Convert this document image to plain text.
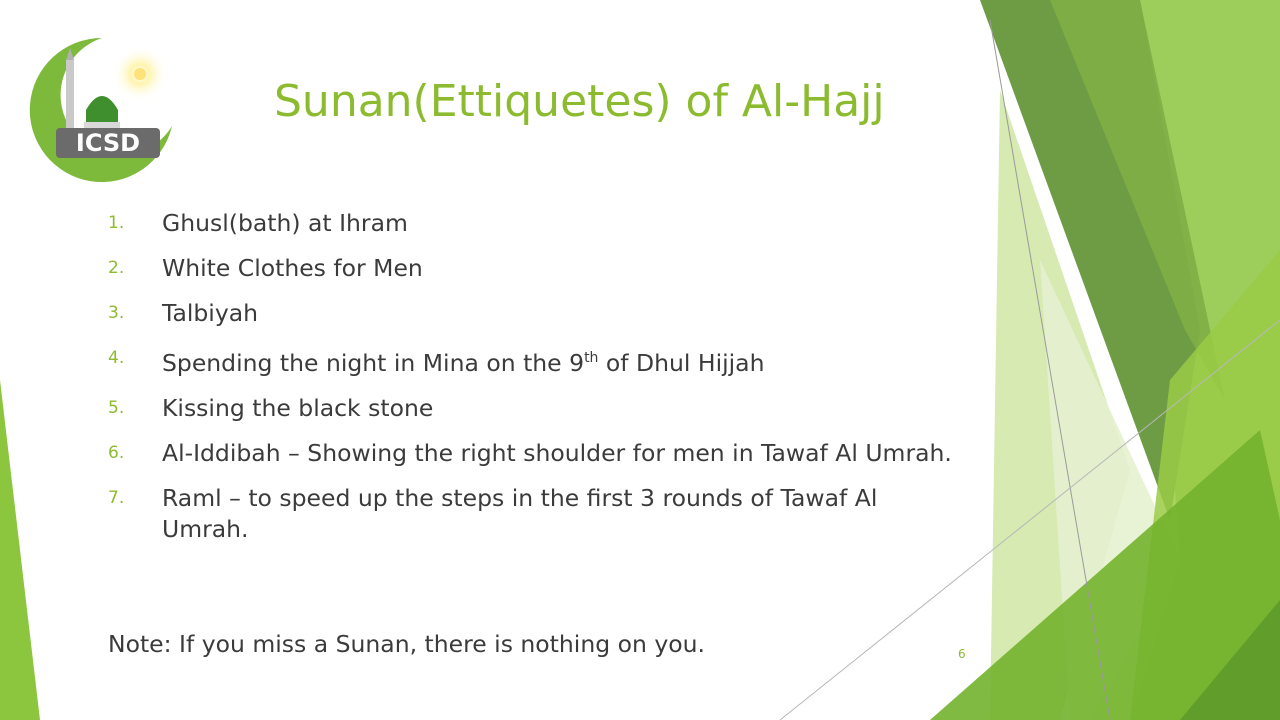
ICSD
Sunan(Ettiquetes) of Al-Hajj
1. Ghusl(bath) at Ihram
2. White Clothes for Men
3. Talbiyah
4. Spending the night in Mina on the 9th of Dhul Hijjah
5. Kissing the black stone
6. Al-Iddibah – Showing the right shoulder for men in Tawaf Al Umrah.
7. Raml – to speed up the steps in the first 3 rounds of Tawaf Al Umrah.
Note: If you miss a Sunan, there is nothing on you.	6
